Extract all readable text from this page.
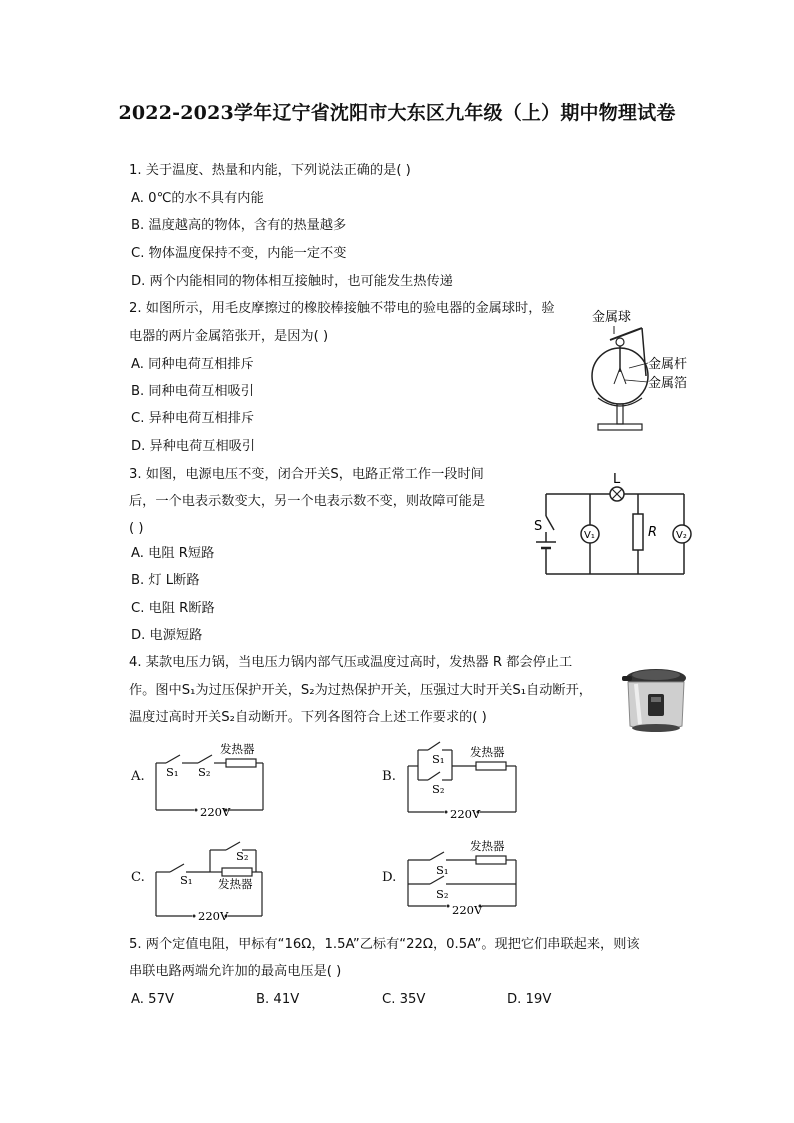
2022-2023学年辽宁省沈阳市大东区九年级（上）期中物理试卷
1. 关于温度、热量和内能，下列说法正确的是( )
A. 0℃的水不具有内能
B. 温度越高的物体，含有的热量越多
C. 物体温度保持不变，内能一定不变
D. 两个内能相同的物体相互接触时，也可能发生热传递
2. 如图所示，用毛皮摩擦过的橡胶棒接触不带电的验电器的金属球时，验
电器的两片金属箔张开，是因为( )
A. 同种电荷互相排斥
B. 同种电荷互相吸引
C. 异种电荷互相排斥
D. 异种电荷互相吸引
金属球
金属杆
金属箔
3. 如图，电源电压不变，闭合开关S，电路正常工作一段时间
后，一个电表示数变大，另一个电表示数不变，则故障可能是
( )
A. 电阻 R短路
B. 灯 L断路
C. 电阻 R断路
D. 电源短路
L
S
V₁	R V₂
4. 某款电压力锅，当电压力锅内部气压或温度过高时，发热器 R 都会停止工
作。图中S₁为过压保护开关，S₂为过热保护开关，压强过大时开关S₁自动断开，
温度过高时开关S₂自动断开。下列各图符合上述工作要求的( )
A.	B.
C.	D.
S₁ S₂
发热器
220V
S₁
S₂
发热器
220V
S₁
S₂
发热器
220V
发热器
S₁
S₂
220V
5. 两个定值电阻，甲标有“16Ω，1.5A”乙标有“22Ω，0.5A”。现把它们串联起来，则该
串联电路两端允许加的最高电压是( )
A. 57V	B. 41V	C. 35V	D. 19V
